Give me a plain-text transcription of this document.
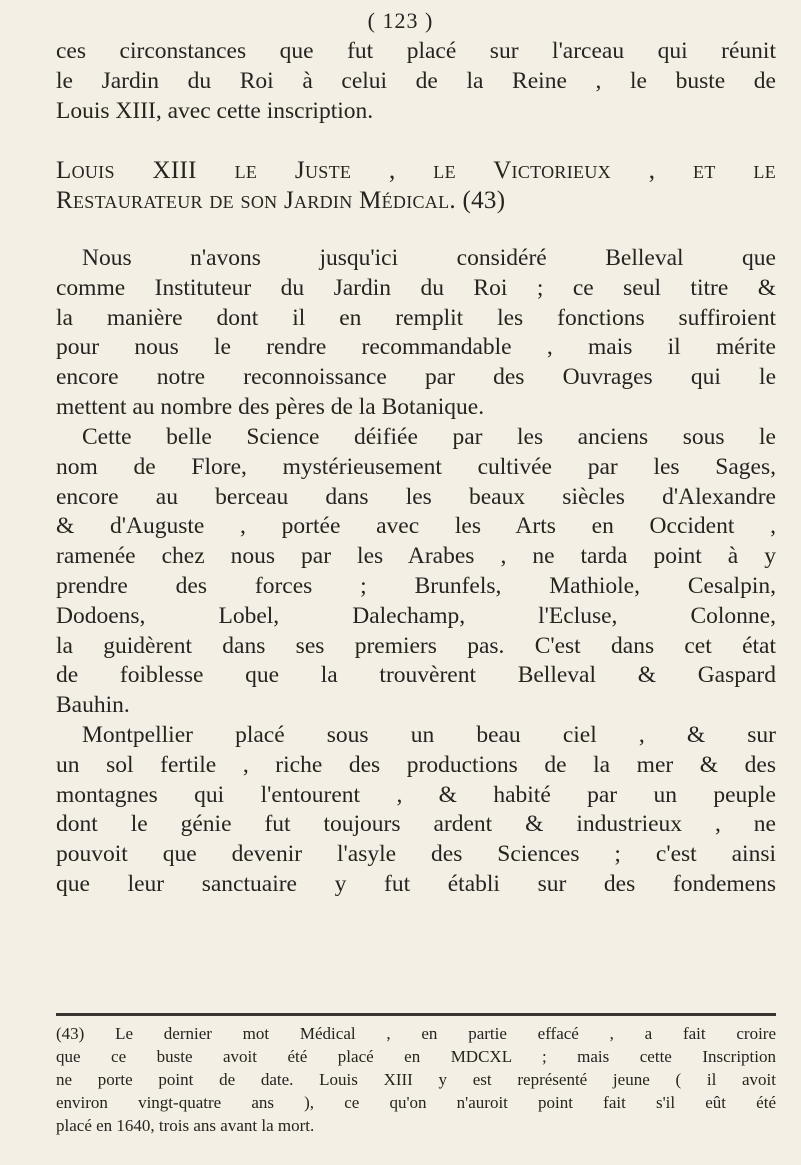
( 123 )
ces circonstances que fut placé sur l'arceau qui réunit
le Jardin du Roi à celui de la Reine , le buste de
Louis XIII, avec cette inscription.
Louis XIII le Juste , le Victorieux , et le
Restaurateur de son Jardin Médical. (43)
Nous n'avons jusqu'ici considéré Belleval que
comme Instituteur du Jardin du Roi ; ce seul titre &
la manière dont il en remplit les fonctions suffiroient
pour nous le rendre recommandable , mais il mérite
encore notre reconnoissance par des Ouvrages qui le
mettent au nombre des pères de la Botanique.
Cette belle Science déifiée par les anciens sous le
nom de Flore, mystérieusement cultivée par les Sages,
encore au berceau dans les beaux siècles d'Alexandre
& d'Auguste , portée avec les Arts en Occident ,
ramenée chez nous par les Arabes , ne tarda point à y
prendre des forces ; Brunfels, Mathiole, Cesalpin,
Dodoens, Lobel, Dalechamp, l'Ecluse, Colonne,
la guidèrent dans ses premiers pas. C'est dans cet état
de foiblesse que la trouvèrent Belleval & Gaspard
Bauhin.
Montpellier placé sous un beau ciel , & sur
un sol fertile , riche des productions de la mer & des
montagnes qui l'entourent , & habité par un peuple
dont le génie fut toujours ardent & industrieux , ne
pouvoit que devenir l'asyle des Sciences ; c'est ainsi
que leur sanctuaire y fut établi sur des fondemens
(43) Le dernier mot Médical , en partie effacé , a fait croire
que ce buste avoit été placé en MDCXL ; mais cette Inscription
ne porte point de date. Louis XIII y est représenté jeune ( il avoit
environ vingt-quatre ans ), ce qu'on n'auroit point fait s'il eût été
placé en 1640, trois ans avant la mort.
